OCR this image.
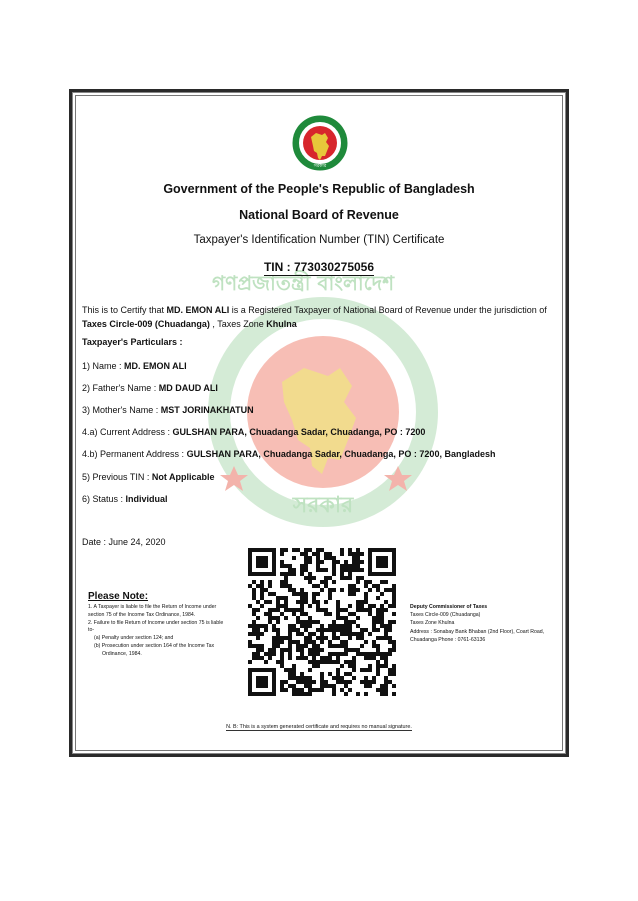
গণপ্রজাতন্ত্রী বাংলাদেশ
সরকার
গণপ্রজাতন্ত্রী বাংলাদেশ
সরকার
Government of the People's Republic of Bangladesh
National Board of Revenue
Taxpayer's Identification Number (TIN) Certificate
TIN : 773030275056
This is to Certify that MD. EMON ALI is a Registered Taxpayer of National Board of Revenue under the jurisdiction of Taxes Circle-009 (Chuadanga) , Taxes Zone Khulna
Taxpayer's Particulars :
1) Name : MD. EMON ALI
2) Father's Name : MD DAUD ALI
3) Mother's Name : MST JORINAKHATUN
4.a) Current Address : GULSHAN PARA, Chuadanga Sadar, Chuadanga, PO : 7200
4.b) Permanent Address : GULSHAN PARA, Chuadanga Sadar, Chuadanga, PO : 7200, Bangladesh
5) Previous TIN : Not Applicable
6) Status : Individual
Date : June 24, 2020
Please Note:
1. A Taxpayer is liable to file the Return of Income under
section 75 of the Income Tax Ordinance, 1984.
2. Failure to file Return of Income under section 75 is liable
to-
(a) Penalty under section 124; and
(b) Prosecution under section 164 of the Income Tax
Ordinance, 1984.
Deputy Commissioner of Taxes
Taxes Circle-009 (Chuadanga)
Taxes Zone Khulna
Address : Sonabay Bank Bhaban (2nd Floor), Coart Road,
Chuadanga Phone : 0761-63136
N. B: This is a system generated certificate and requires no manual signature.
